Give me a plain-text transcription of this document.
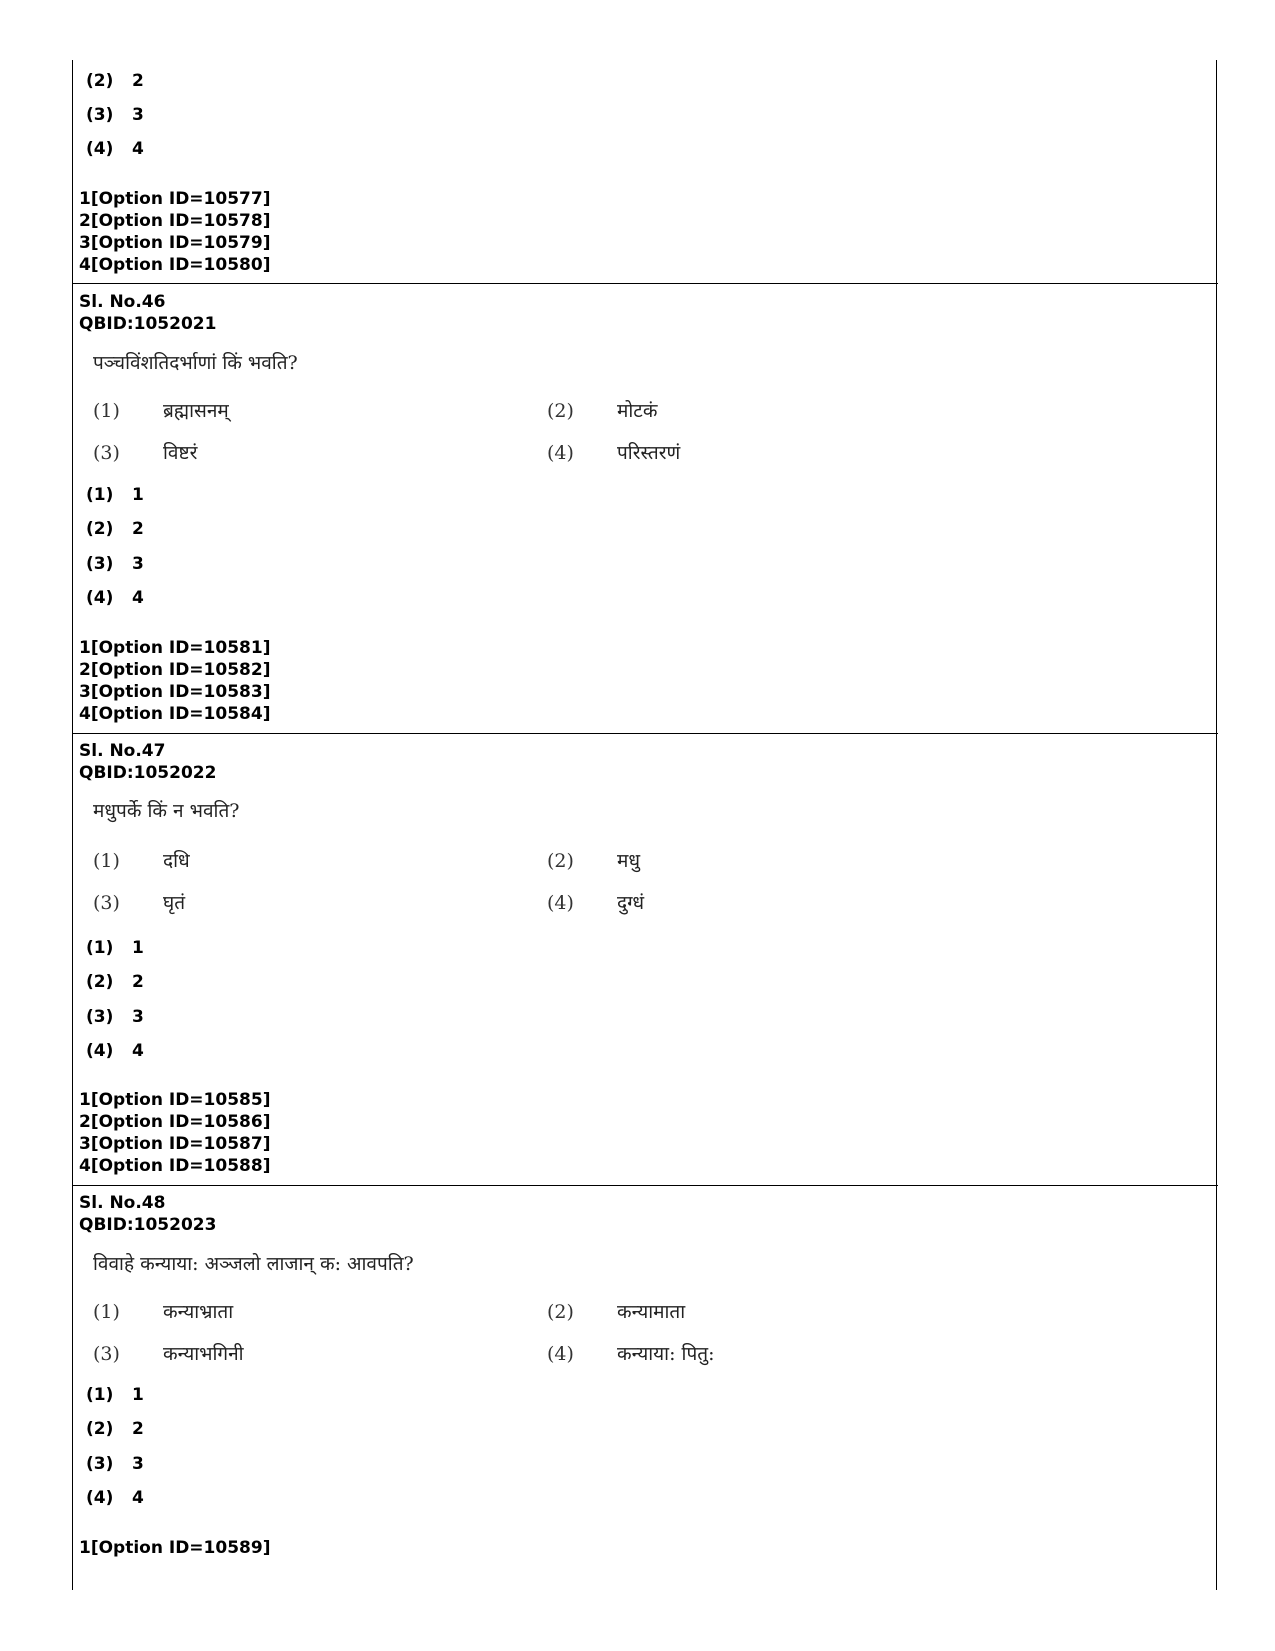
(2) 2
(3) 3
(4) 4
1[Option ID=10577]
2[Option ID=10578]
3[Option ID=10579]
4[Option ID=10580]
Sl. No.46
QBID:1052021
पञ्चविंशतिदर्भाणां किं भवति?
(1) ब्रह्मासनम्	(2) मोटकं
(3) विष्टरं	(4) परिस्तरणं
(1) 1
(2) 2
(3) 3
(4) 4
1[Option ID=10581]
2[Option ID=10582]
3[Option ID=10583]
4[Option ID=10584]
Sl. No.47
QBID:1052022
मधुपर्के किं न भवति?
(1) दधि	(2) मधु
(3) घृतं	(4) दुग्धं
(1) 1
(2) 2
(3) 3
(4) 4
1[Option ID=10585]
2[Option ID=10586]
3[Option ID=10587]
4[Option ID=10588]
Sl. No.48
QBID:1052023
विवाहे कन्याया: अञ्जलो लाजान् क: आवपति?
(1) कन्याभ्राता	(2) कन्यामाता
(3) कन्याभगिनी	(4) कन्याया: पितु:
(1) 1
(2) 2
(3) 3
(4) 4
1[Option ID=10589]
